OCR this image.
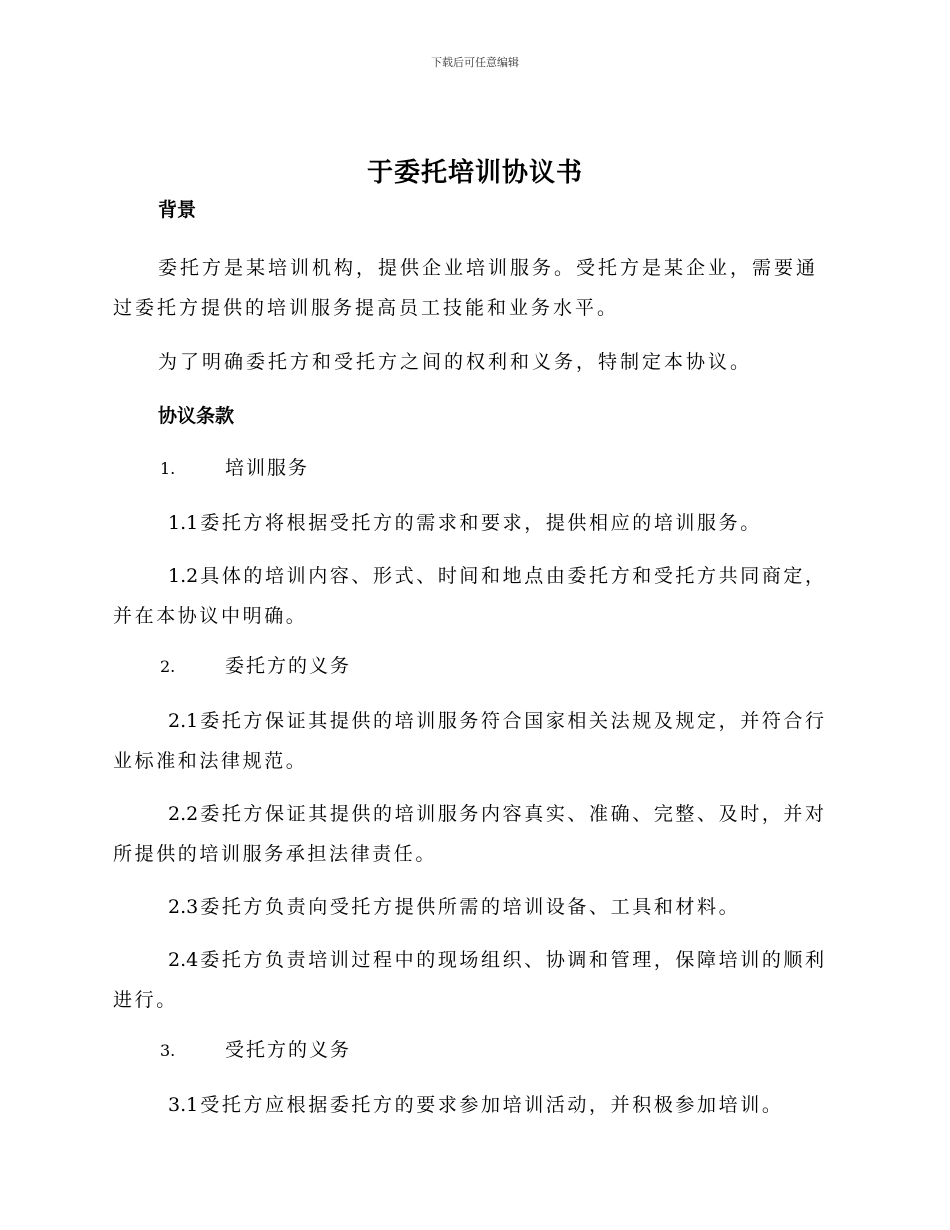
下载后可任意编辑
于委托培训协议书
背景

委托方是某培训机构，提供企业培训服务。受托方是某企业，需要通过委托方提供的培训服务提高员工技能和业务水平。

为了明确委托方和受托方之间的权利和义务，特制定本协议。

协议条款
1.	培训服务

1.1 委托方将根据受托方的需求和要求，提供相应的培训服务。

1.2 具体的培训内容、形式、时间和地点由委托方和受托方共同商定，并在本协议中明确。

2.	委托方的义务

2.1 委托方保证其提供的培训服务符合国家相关法规及规定，并符合行业标准和法律规范。

2.2 委托方保证其提供的培训服务内容真实、准确、完整、及时，并对所提供的培训服务承担法律责任。

2.3 委托方负责向受托方提供所需的培训设备、工具和材料。

2.4 委托方负责培训过程中的现场组织、协调和管理，保障培训的顺利进行。

3.	受托方的义务

3.1 受托方应根据委托方的要求参加培训活动，并积极参加培训。
